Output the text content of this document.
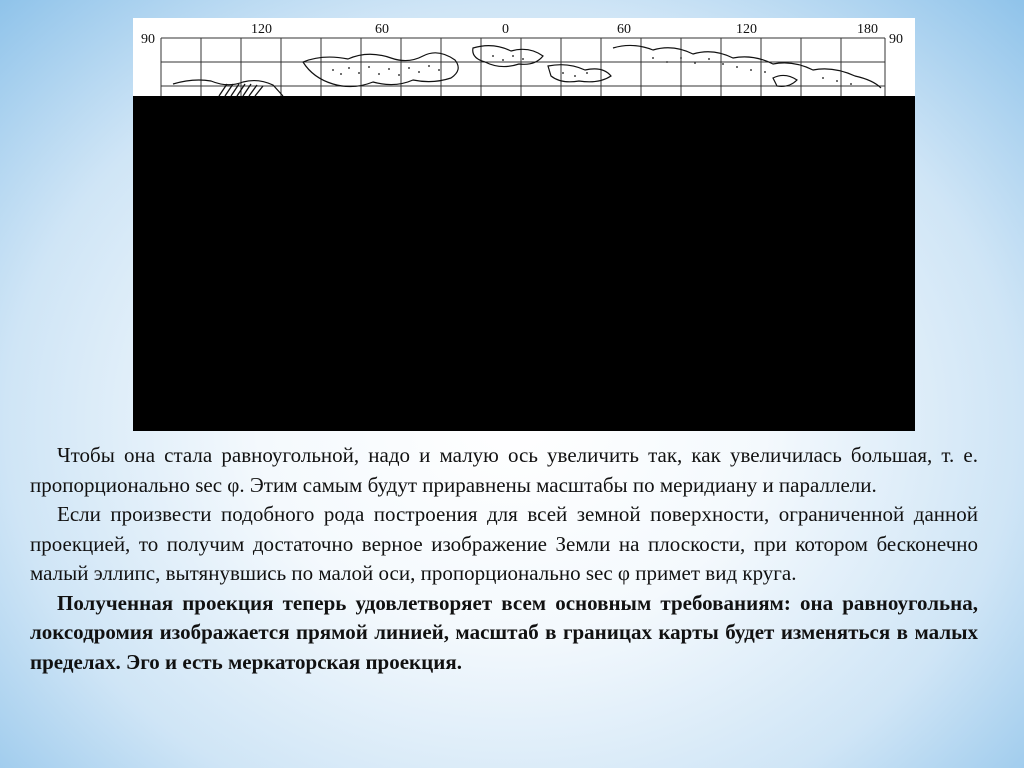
90	90
120	60	0	60	120	180

Чтобы она стала равноугольной, надо и малую ось увеличить так, как увеличилась большая, т. е. пропорционально sec φ. Этим самым будут приравнены масштабы по меридиану и параллели.

Если произвести подобного рода построения для всей земной поверхности, ограниченной данной проекцией, то получим достаточно верное изображение Земли на плоскости, при котором бесконечно малый эллипс, вытянувшись по малой оси, пропорционально sec φ примет вид круга.

Полученная проекция теперь удовлетворяет всем основным требованиям: она равноугольна, локсодромия изображается прямой линией, масштаб в границах карты будет изменяться в малых пределах. Эго и есть меркаторская проекция.
